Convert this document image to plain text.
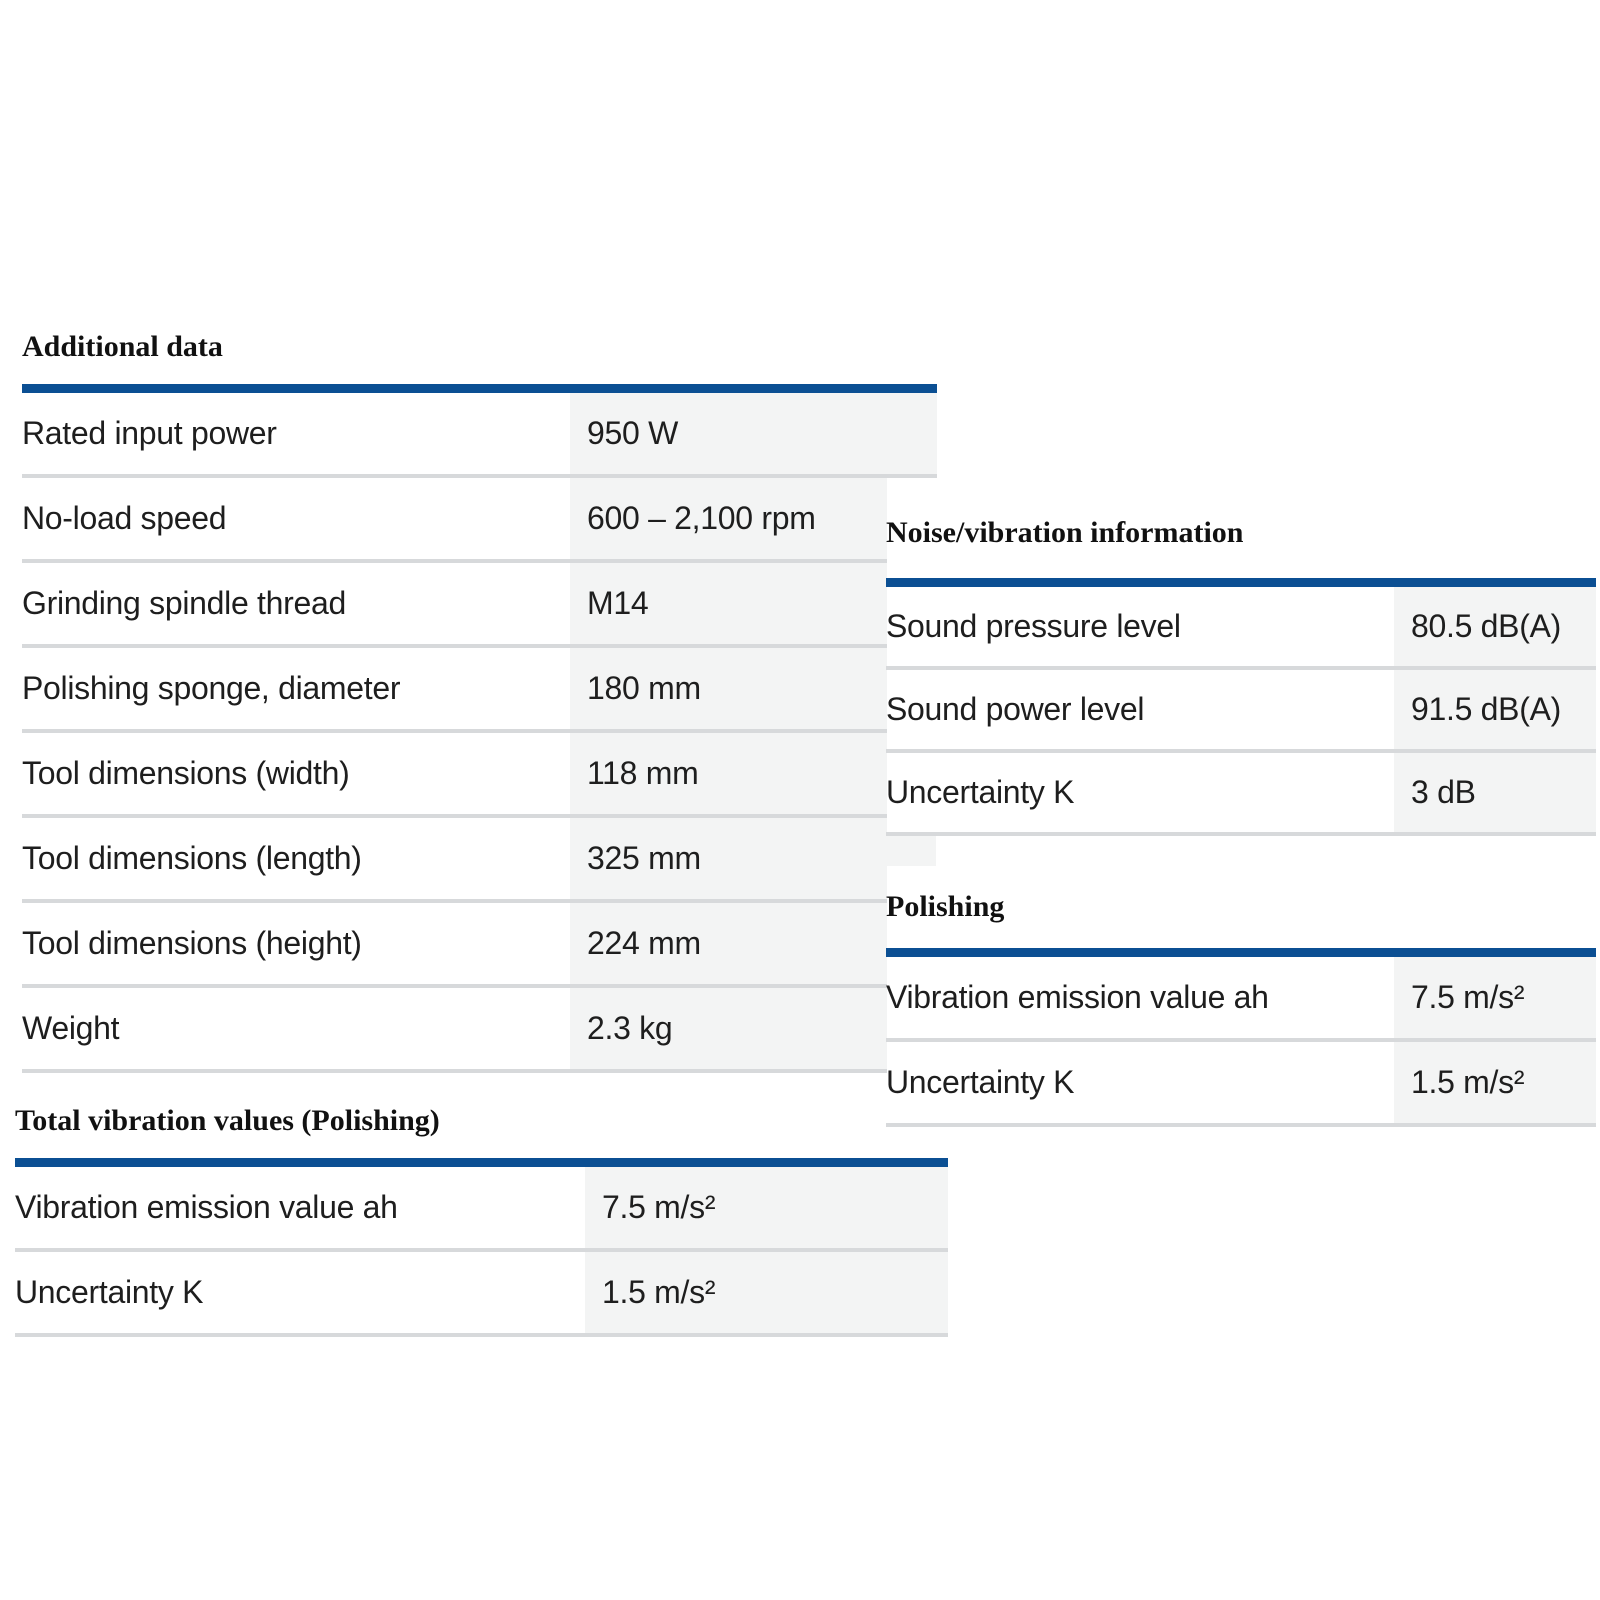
Additional data
Rated input power	950 W
No-load speed	600 – 2,100 rpm
Grinding spindle thread	M14
Polishing sponge, diameter	180 mm
Tool dimensions (width)	118 mm
Tool dimensions (length)	325 mm
Tool dimensions (height)	224 mm
Weight	2.3 kg
Total vibration values (Polishing)
Vibration emission value ah	7.5 m/s²
Uncertainty K	1.5 m/s²
Noise/vibration information
Sound pressure level	80.5 dB(A)
Sound power level	91.5 dB(A)
Uncertainty K	3 dB
Polishing
Vibration emission value ah	7.5 m/s²
Uncertainty K	1.5 m/s²
